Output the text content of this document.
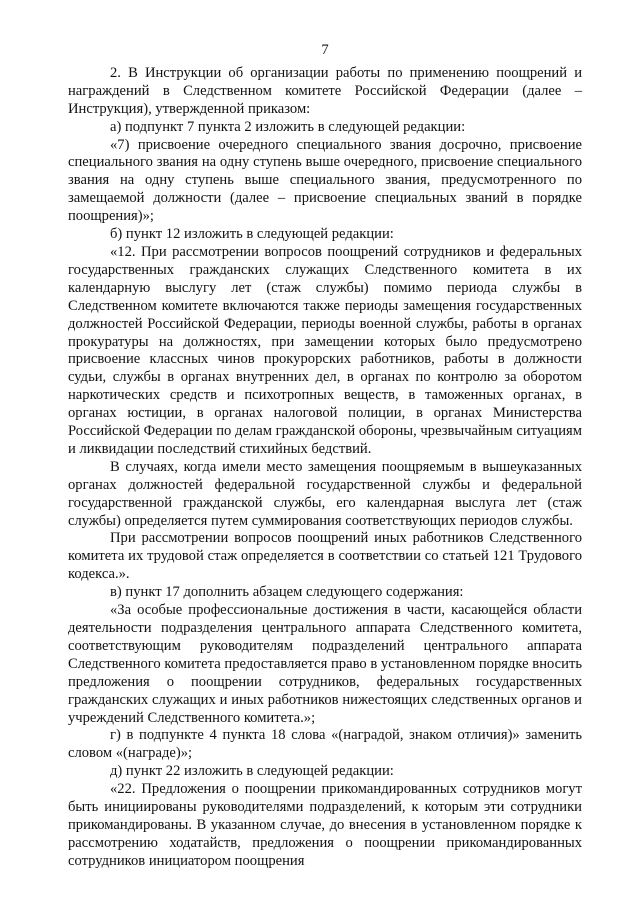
7

2. В Инструкции об организации работы по применению поощрений и награждений в Следственном комитете Российской Федерации (далее – Инструкция), утвержденной приказом:

а) подпункт 7 пункта 2 изложить в следующей редакции:

«7) присвоение очередного специального звания досрочно, присвоение специального звания на одну ступень выше очередного, присвоение специального звания на одну ступень выше специального звания, предусмотренного по замещаемой должности (далее – присвоение специальных званий в порядке поощрения)»;

б) пункт 12 изложить в следующей редакции:

«12. При рассмотрении вопросов поощрений сотрудников и федеральных государственных гражданских служащих Следственного комитета в их календарную выслугу лет (стаж службы) помимо периода службы в Следственном комитете включаются также периоды замещения государственных должностей Российской Федерации, периоды военной службы, работы в органах прокуратуры на должностях, при замещении которых было предусмотрено присвоение классных чинов прокурорских работников, работы в должности судьи, службы в органах внутренних дел, в органах по контролю за оборотом наркотических средств и психотропных веществ, в таможенных органах, в органах юстиции, в органах налоговой полиции, в органах Министерства Российской Федерации по делам гражданской обороны, чрезвычайным ситуациям и ликвидации последствий стихийных бедствий.

В случаях, когда имели место замещения поощряемым в вышеуказанных органах должностей федеральной государственной службы и федеральной государственной гражданской службы, его календарная выслуга лет (стаж службы) определяется путем суммирования соответствующих периодов службы.

При рассмотрении вопросов поощрений иных работников Следственного комитета их трудовой стаж определяется в соответствии со статьей 121 Трудового кодекса.».

в) пункт 17 дополнить абзацем следующего содержания:

«За особые профессиональные достижения в части, касающейся области деятельности подразделения центрального аппарата Следственного комитета, соответствующим руководителям подразделений центрального аппарата Следственного комитета предоставляется право в установленном порядке вносить предложения о поощрении сотрудников, федеральных государственных гражданских служащих и иных работников нижестоящих следственных органов и учреждений Следственного комитета.»;

г) в подпункте 4 пункта 18 слова «(наградой, знаком отличия)» заменить словом «(награде)»;

д) пункт 22 изложить в следующей редакции:

«22. Предложения о поощрении прикомандированных сотрудников могут быть инициированы руководителями подразделений, к которым эти сотрудники прикомандированы. В указанном случае, до внесения в установленном порядке к рассмотрению ходатайств, предложения о поощрении прикомандированных сотрудников инициатором поощрения
